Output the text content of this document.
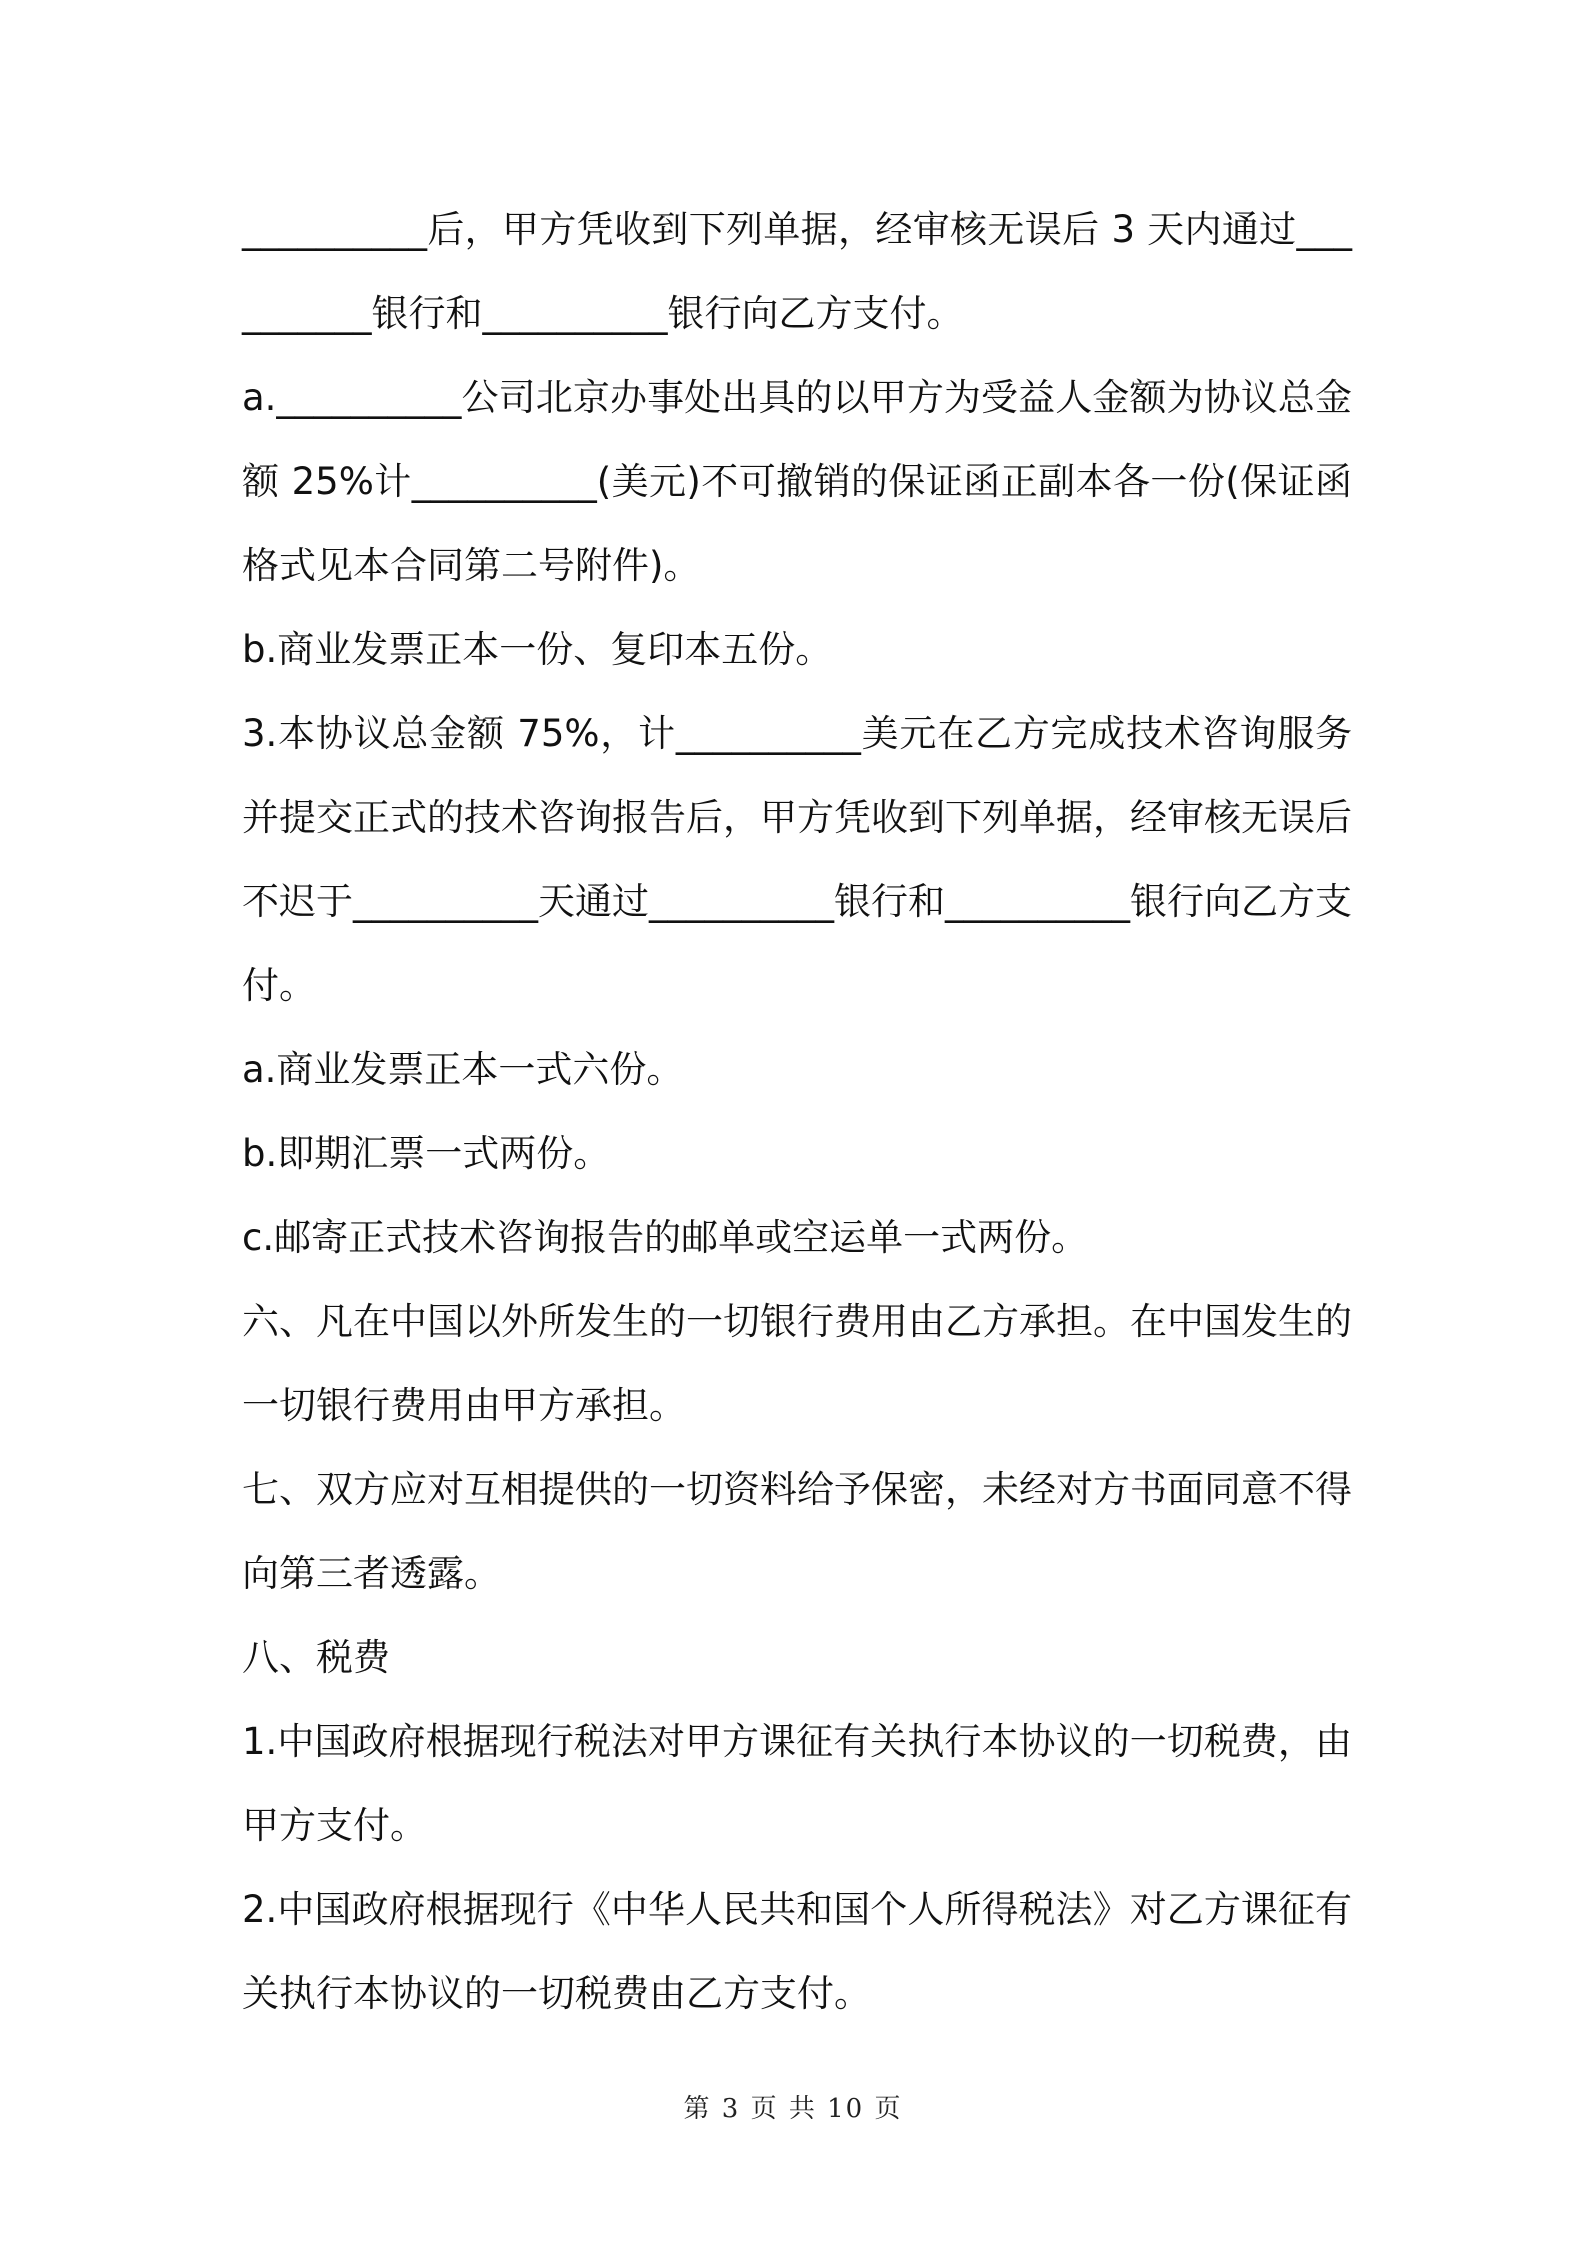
__________后，甲方凭收到下列单据，经审核无误后 3 天内通过__________银行和__________银行向乙方支付。

a.__________公司北京办事处出具的以甲方为受益人金额为协议总金额 25%计__________(美元)不可撤销的保证函正副本各一份(保证函格式见本合同第二号附件)。

b.商业发票正本一份、复印本五份。

3.本协议总金额 75%，计__________美元在乙方完成技术咨询服务并提交正式的技术咨询报告后，甲方凭收到下列单据，经审核无误后不迟于__________天通过__________银行和__________银行向乙方支付。

a.商业发票正本一式六份。

b.即期汇票一式两份。

c.邮寄正式技术咨询报告的邮单或空运单一式两份。

六、凡在中国以外所发生的一切银行费用由乙方承担。在中国发生的一切银行费用由甲方承担。

七、双方应对互相提供的一切资料给予保密，未经对方书面同意不得向第三者透露。

八、税费

1.中国政府根据现行税法对甲方课征有关执行本协议的一切税费，由甲方支付。

2.中国政府根据现行《中华人民共和国个人所得税法》对乙方课征有关执行本协议的一切税费由乙方支付。

第 3 页 共 10 页
